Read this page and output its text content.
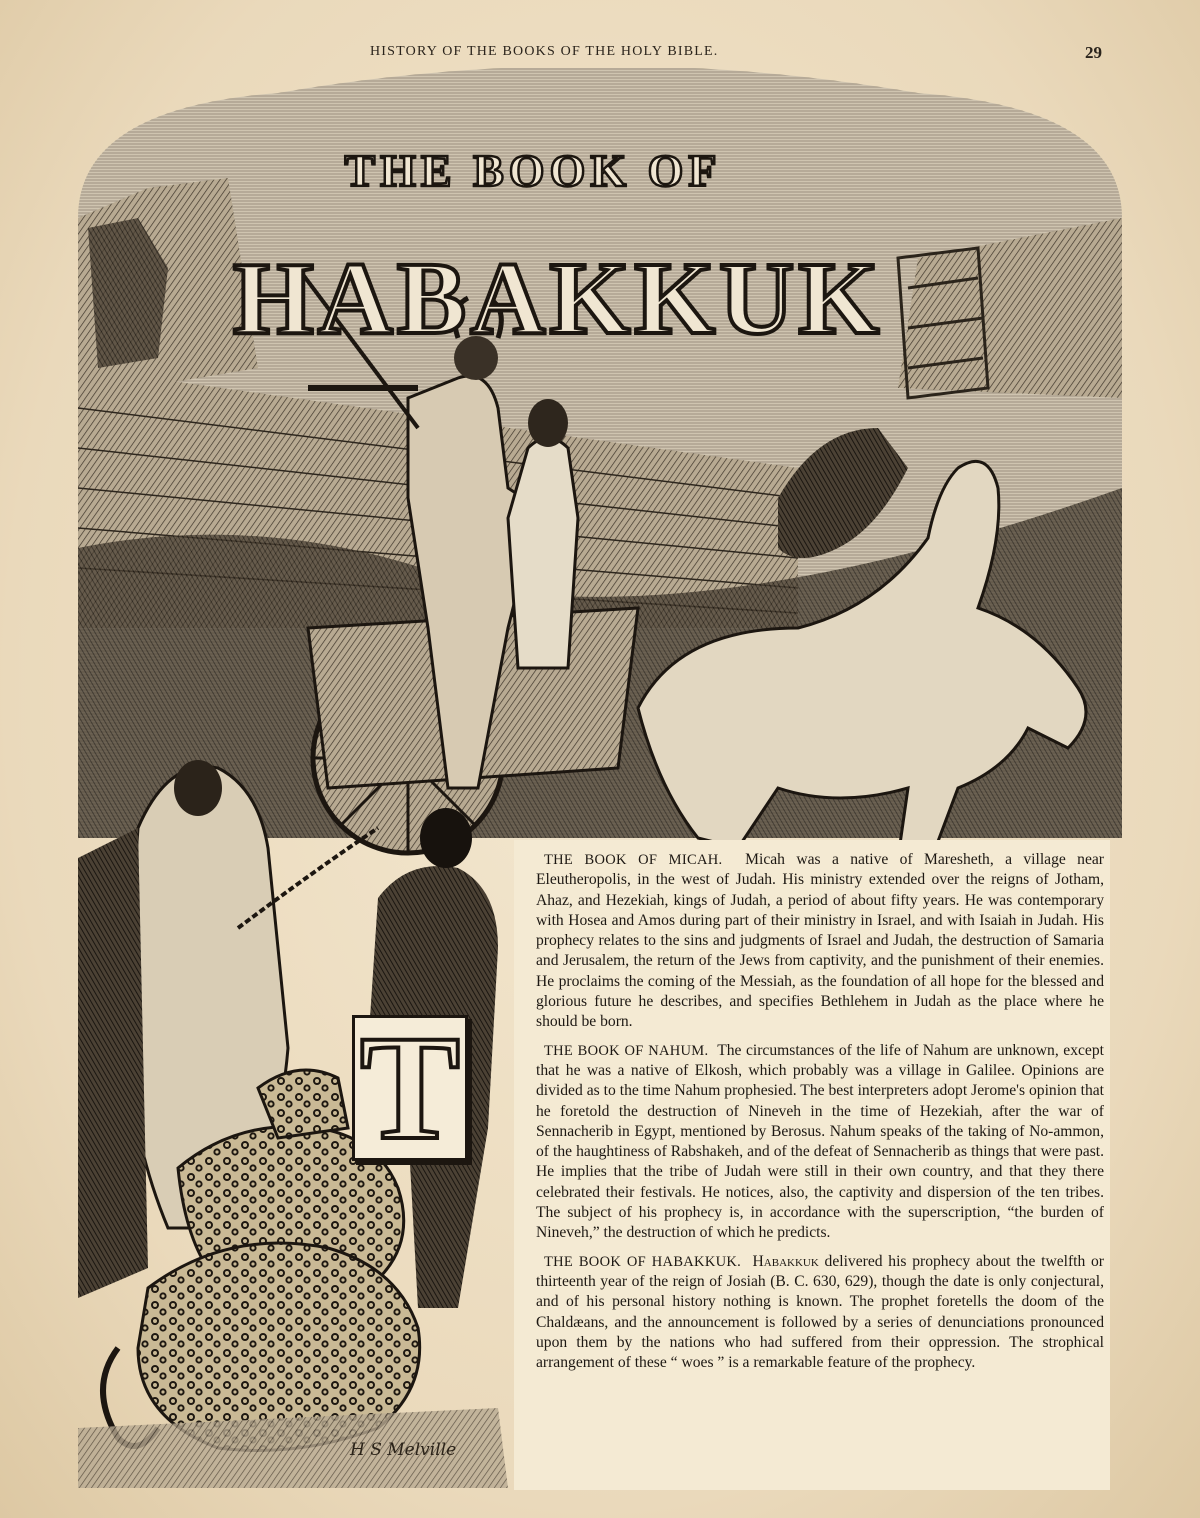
HISTORY OF THE BOOKS OF THE HOLY BIBLE.	29
THE BOOK OF
HABAKKUK
T

THE BOOK OF MICAH. Micah was a native of Maresheth, a village near Eleutheropolis, in the west of Judah. His ministry extended over the reigns of Jotham, Ahaz, and Hezekiah, kings of Judah, a period of about fifty years. He was contemporary with Hosea and Amos during part of their ministry in Israel, and with Isaiah in Judah. His prophecy relates to the sins and judgments of Israel and Judah, the destruction of Samaria and Jerusalem, the return of the Jews from captivity, and the punishment of their enemies. He proclaims the coming of the Messiah, as the foundation of all hope for the blessed and glorious future he describes, and specifies Bethlehem in Judah as the place where he should be born.

THE BOOK OF NAHUM. The circumstances of the life of Nahum are unknown, except that he was a native of Elkosh, which probably was a village in Galilee. Opinions are divided as to the time Nahum prophesied. The best interpreters adopt Jerome's opinion that he foretold the destruction of Nineveh in the time of Hezekiah, after the war of Sennacherib in Egypt, mentioned by Berosus. Nahum speaks of the taking of No-ammon, of the haughtiness of Rabshakeh, and of the defeat of Sennacherib as things that were past. He implies that the tribe of Judah were still in their own country, and that they there celebrated their festivals. He notices, also, the captivity and dispersion of the ten tribes. The subject of his prophecy is, in accordance with the superscription, “the burden of Nineveh,” the destruction of which he predicts.

THE BOOK OF HABAKKUK. Habakkuk delivered his prophecy about the twelfth or thirteenth year of the reign of Josiah (B. C. 630, 629), though the date is only conjectural, and of his personal history nothing is known. The prophet foretells the doom of the Chaldæans, and the announcement is followed by a series of denunciations pronounced upon them by the nations who had suffered from their oppression. The strophical arrangement of these “ woes ” is a remarkable feature of the prophecy.

H S Melville
